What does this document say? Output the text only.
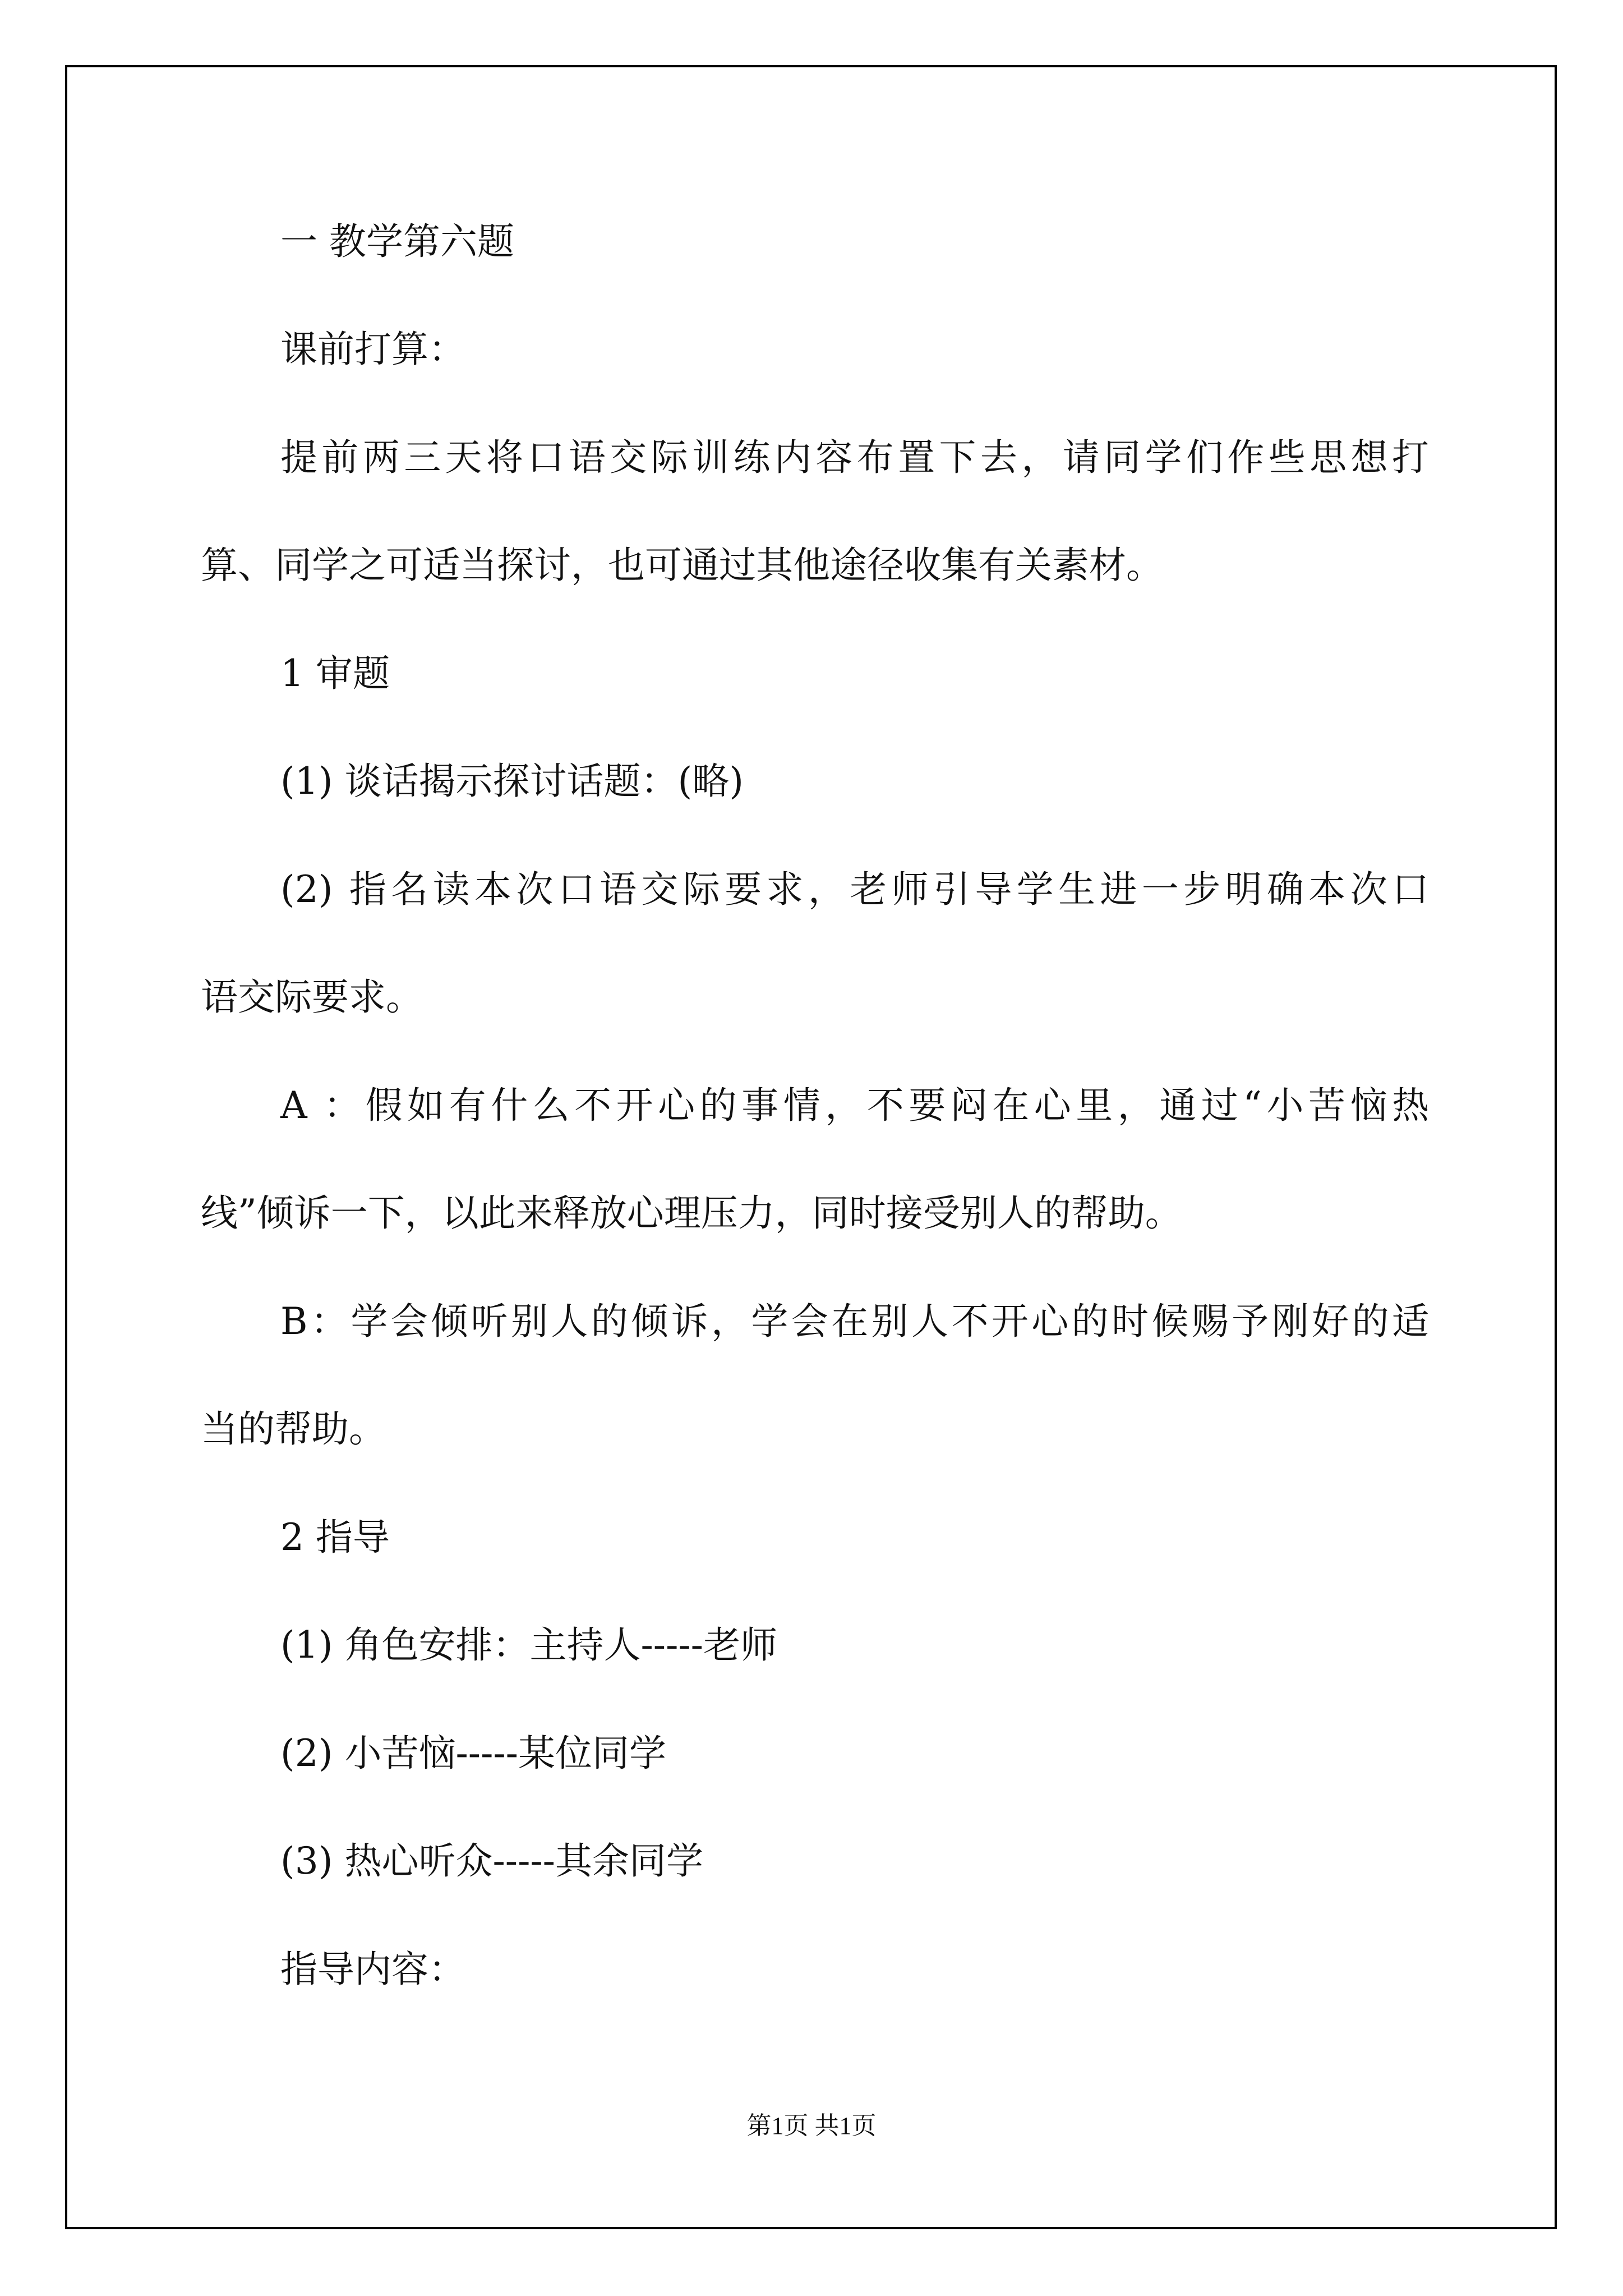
一 教学第六题
课前打算：
提前两三天将口语交际训练内容布置下去，请同学们作些思想打
算、同学之可适当探讨，也可通过其他途径收集有关素材。
1 审题
(1) 谈话揭示探讨话题：(略)
(2) 指名读本次口语交际要求，老师引导学生进一步明确本次口
语交际要求。
A ：假如有什么不开心的事情，不要闷在心里，通过“小苦恼热
线”倾诉一下，以此来释放心理压力，同时接受别人的帮助。
B：学会倾听别人的倾诉，学会在别人不开心的时候赐予刚好的适
当的帮助。
2 指导
(1) 角色安排：主持人-----老师
(2) 小苦恼-----某位同学
(3) 热心听众-----其余同学
指导内容：
第1页 共1页
